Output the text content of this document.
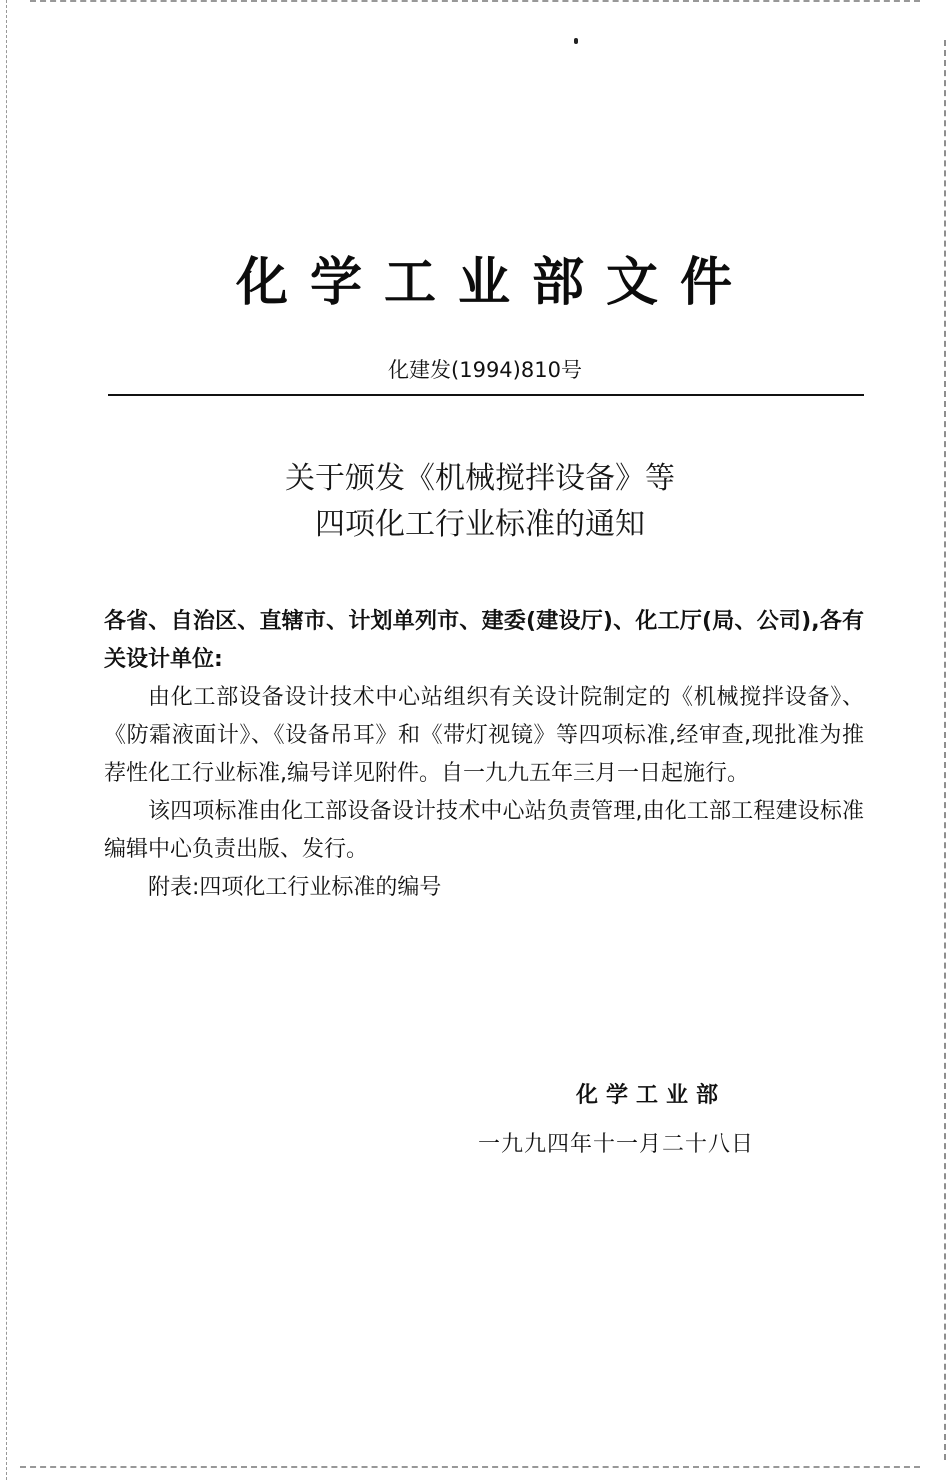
化学工业部文件
化建发(1994)810号
关于颁发《机械搅拌设备》等
四项化工行业标准的通知
各省、自治区、直辖市、计划单列市、建委(建设厅)、化工厅(局、公司),各有关设计单位:
由化工部设备设计技术中心站组织有关设计院制定的《机械搅拌设备》、《防霜液面计》、《设备吊耳》和《带灯视镜》等四项标准,经审查,现批准为推荐性化工行业标准,编号详见附件。自一九九五年三月一日起施行。
该四项标准由化工部设备设计技术中心站负责管理,由化工部工程建设标准编辑中心负责出版、发行。
附表:四项化工行业标准的编号
化学工业部
一九九四年十一月二十八日
